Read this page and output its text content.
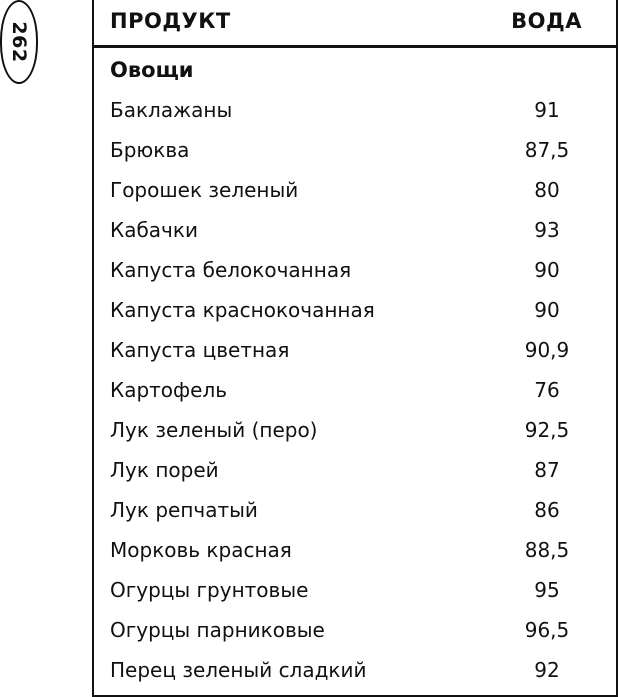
262
ПРОДУКТ	ВОДА
Овощи
Баклажаны	91
Брюква	87,5
Горошек зеленый	80
Кабачки	93
Капуста белокочанная	90
Капуста краснокочанная	90
Капуста цветная	90,9
Картофель	76
Лук зеленый (перо)	92,5
Лук порей	87
Лук репчатый	86
Морковь красная	88,5
Огурцы грунтовые	95
Огурцы парниковые	96,5
Перец зеленый сладкий	92
